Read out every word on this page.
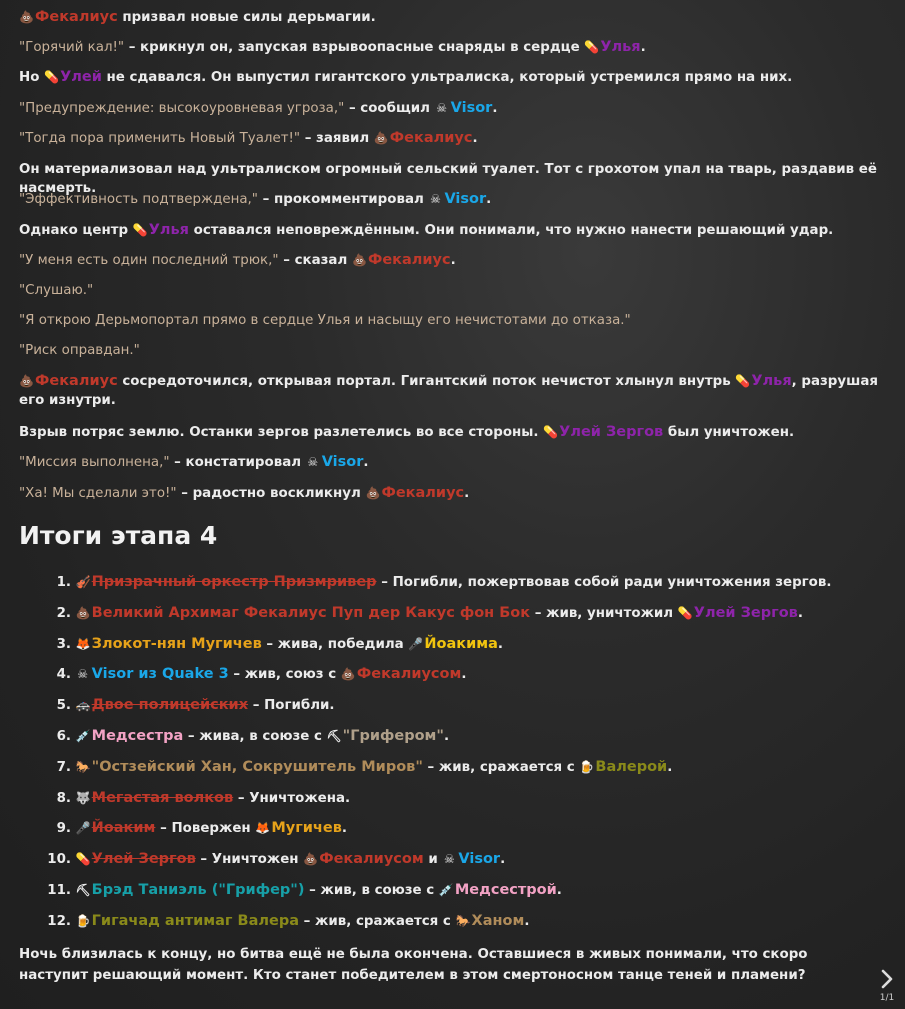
💩Фекалиус призвал новые силы дерьмагии.

"Горячий кал!" – крикнул он, запуская взрывоопасные снаряды в сердце 💊Улья.

Но 💊Улей не сдавался. Он выпустил гигантского ультралиска, который устремился прямо на них.

"Предупреждение: высокоуровневая угроза," – сообщил ☠ Visor.

"Тогда пора применить Новый Туалет!" – заявил 💩Фекалиус.

Он материализовал над ультралиском огромный сельский туалет. Тот с грохотом упал на тварь, раздавив её насмерть.

"Эффективность подтверждена," – прокомментировал ☠ Visor.

Однако центр 💊Улья оставался неповреждённым. Они понимали, что нужно нанести решающий удар.

"У меня есть один последний трюк," – сказал 💩Фекалиус.

"Слушаю."

"Я открою Дерьмопортал прямо в сердце Улья и насыщу его нечистотами до отказа."

"Риск оправдан."

💩Фекалиус сосредоточился, открывая портал. Гигантский поток нечистот хлынул внутрь 💊Улья, разрушая его изнутри.

Взрыв потряс землю. Останки зергов разлетелись во все стороны. 💊Улей Зергов был уничтожен.

"Миссия выполнена," – констатировал ☠ Visor.

"Ха! Мы сделали это!" – радостно воскликнул 💩Фекалиус.

Итоги этапа 4
1. 🎻Призрачный оркестр Призмривер – Погибли, пожертвовав собой ради уничтожения зергов.
2. 💩Великий Архимаг Фекалиус Пуп дер Какус фон Бок – жив, уничтожил 💊Улей Зергов.
3. 🦊Злокот-нян Мугичев – жива, победила 🎤Йоакима.
4. ☠ Visor из Quake 3 – жив, союз с 💩Фекалиусом.
5. 🚓Двое полицейских – Погибли.
6. 💉Медсестра – жива, в союзе с ⛏"Грифером".
7. 🐎"Остзейский Хан, Сокрушитель Миров" – жив, сражается с 🍺Валерой.
8. 🐺Мегастая волков – Уничтожена.
9. 🎤Йоаким – Повержен 🦊Мугичев.
10. 💊Улей Зергов – Уничтожен 💩Фекалиусом и ☠ Visor.
11. ⛏Брэд Таниэль ("Грифер") – жив, в союзе с 💉Медсестрой.
12. 🍺Гигачад антимаг Валера – жив, сражается с 🐎Ханом.
Ночь близилась к концу, но битва ещё не была окончена. Оставшиеся в живых понимали, что скоро наступит решающий момент. Кто станет победителем в этом смертоносном танце теней и пламени?
1/1
